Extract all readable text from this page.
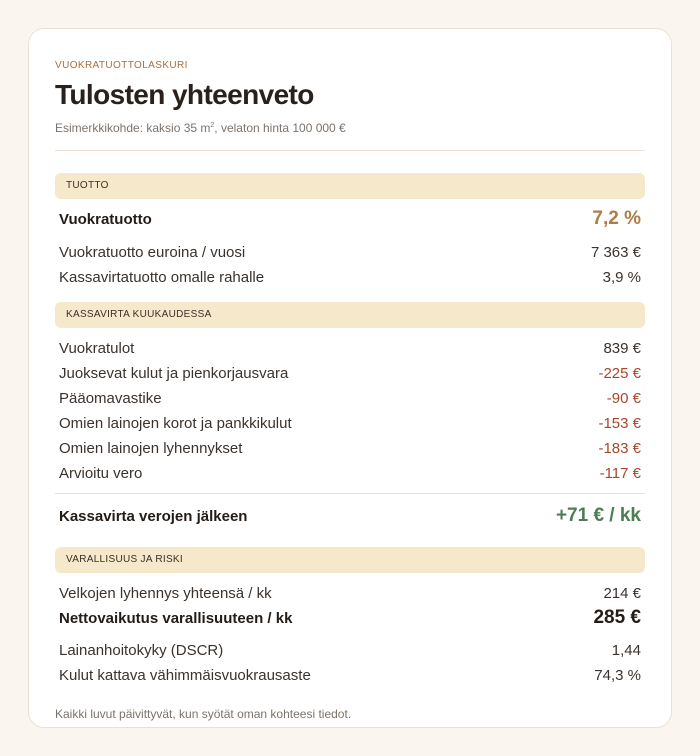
VUOKRATUOTTOLASKURI
Tulosten yhteenveto
Esimerkkikohde: kaksio 35 $m^2$, velaton hinta 100 000 €
TUOTTO
Vuokratuotto	7,2 %
Vuokratuotto euroina / vuosi	7 363 €
Kassavirtatuotto omalle rahalle	3,9 %
KASSAVIRTA KUUKAUDESSA
Vuokratulot	839 €
Juoksevat kulut ja pienkorjausvara	-225 €
Pääomavastike	-90 €
Omien lainojen korot ja pankkikulut	-153 €
Omien lainojen lyhennykset	-183 €
Arvioitu vero	-117 €
Kassavirta verojen jälkeen	+71 € / kk
VARALLISUUS JA RISKI
Velkojen lyhennys yhteensä / kk	214 €
Nettovaikutus varallisuuteen / kk	285 €
Lainanhoitokyky (DSCR)	1,44
Kulut kattava vähimmäisvuokrausaste	74,3 %
Kaikki luvut päivittyvät, kun syötät oman kohteesi tiedot.
